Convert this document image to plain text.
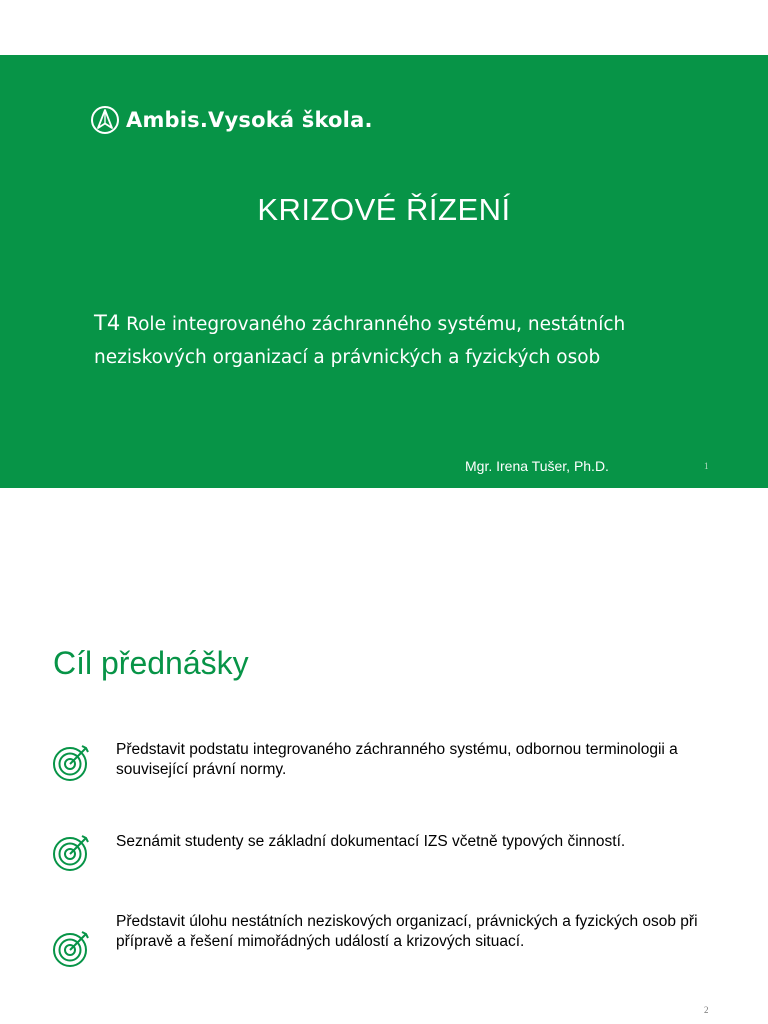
Ambis.Vysoká škola.
KRIZOVÉ ŘÍZENÍ
T4 Role integrovaného záchranného systému, nestátních neziskových organizací a právnických a fyzických osob
Mgr. Irena Tušer, Ph.D.	1
Cíl přednášky
Představit podstatu integrovaného záchranného systému, odbornou terminologii a související právní normy.
Seznámit studenty se základní dokumentací IZS včetně typových činností.
Představit úlohu nestátních neziskových organizací, právnických a fyzických osob při přípravě a řešení mimořádných událostí a krizových situací.
2
